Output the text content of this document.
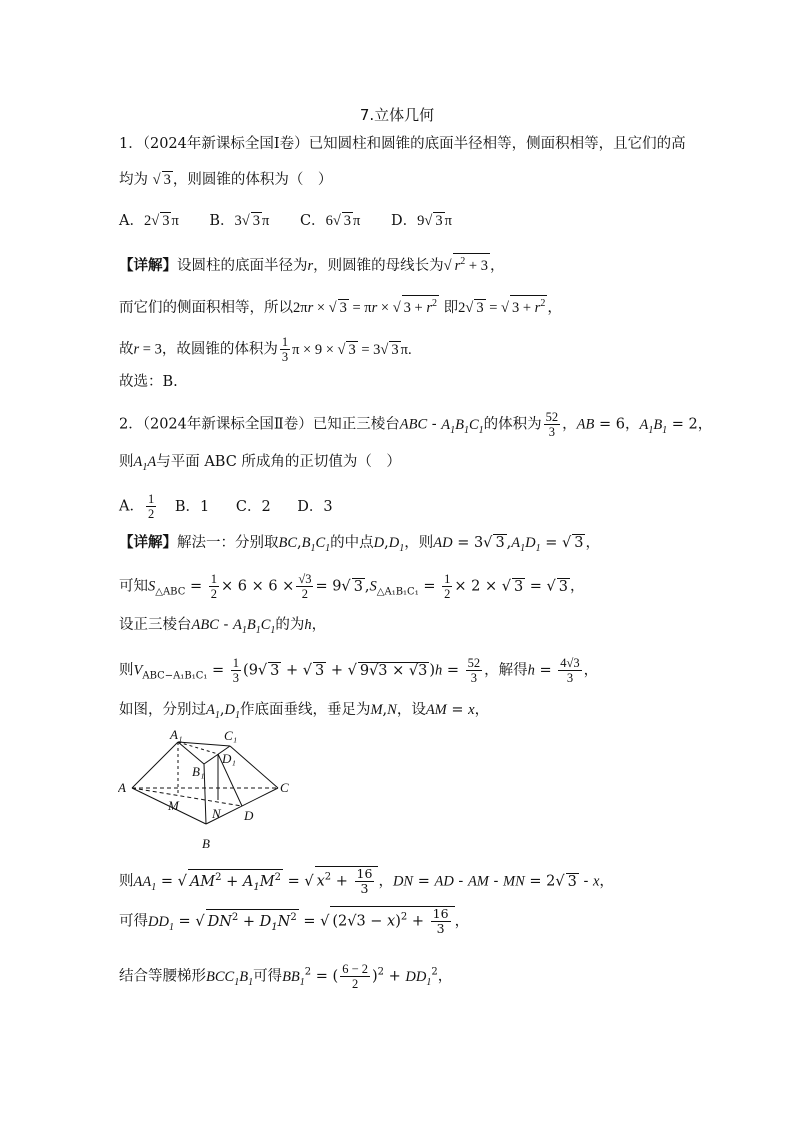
7.立体几何
1．（2024年新课标全国Ⅰ卷）已知圆柱和圆锥的底面半径相等，侧面积相等，且它们的高
均为 √ 3 ，则圆锥的体积为（　）
A．2√ 3 π B．3√ 3 π C．6√ 3 π D．9√ 3 π
【详解】设圆柱的底面半径为r，则圆锥的母线长为√ $r^2 + 3$ ，
而它们的侧面积相等，所以2πr × √ 3 = πr × √ $3 + r^2$ 即2√ 3 = √ $3 + r^2$ ，
故r = 3，故圆锥的体积为 $\frac{1}{3}$ π × 9 × √ 3 = 3√ 3 π.
故选：B.
2．（2024年新课标全国Ⅱ卷）已知正三棱台ABC - $A_1B_1C_1$的体积为 $\frac{52}{3}$ ，AB = 6，$A_1B_1 = 2$，
则$A_1A$与平面 ABC 所成角的正切值为（　）
A． $\frac{1}{2}$ B．1 C．2 D．3
【详解】解法一：分别取$BC,B_1C_1$的中点$D,D_1$，则AD = 3√ 3 $,A_1D_1$ = √ 3 ，
可知$S_{\triangle ABC} = \frac{1}{2} \times 6 \times 6 \times \frac{√3}{2} = 9√$ 3 $,S_{\triangle A_1B_1C_1} = \frac{1}{2} \times 2$ × √ 3 = √ 3 ，
设正三棱台ABC - $A_1B_1C_1$的为h，
则$V_{ABC-A_1B_1C_1} = \frac{1}{3} (9√$ 3 + √ 3 + √ 9√3 × √3 )$h = \frac{52}{3}$ ，解得$h = \frac{4√3}{3}$ ，
如图，分别过$A_1,D_1$作底面垂线，垂足为M,N，设AM = x，
A
B
C
D
M
N
A₁
B₁
C₁
D₁
则$AA_1$ = √ $AM^2 + A_1M^2$ = √ $x^2 + \frac{16}{3}$ ，DN = AD - AM - MN = 2√ 3 - x，
可得$DD_1$ = √ $DN^2 + D_1N^2$ = √ $(2√3 - x)^2 + \frac{16}{3}$ ，
结合等腰梯形$BCC_1B_1$可得$BB_1^2$ = ( $\frac{6 - 2}{2} )^2 + DD_1^2$，
